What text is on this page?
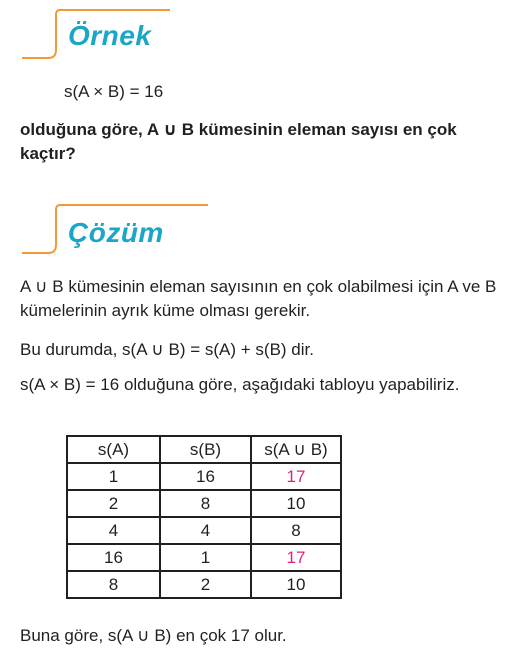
Örnek
s(A × B) = 16
olduğuna göre, A ∪ B kümesinin eleman sayısı en çok kaçtır?
Çözüm
A ∪ B kümesinin eleman sayısının en çok olabilmesi için A ve B kümelerinin ayrık küme olması gerekir.
Bu durumda, s(A ∪ B) = s(A) + s(B) dir.
s(A × B) = 16 olduğuna göre, aşağıdaki tabloyu yapabiliriz.
s(A)	s(B)	s(A ∪ B)
1	16	17
2	8	10
4	4	8
16	1	17
8	2	10
Buna göre, s(A ∪ B) en çok 17 olur.
